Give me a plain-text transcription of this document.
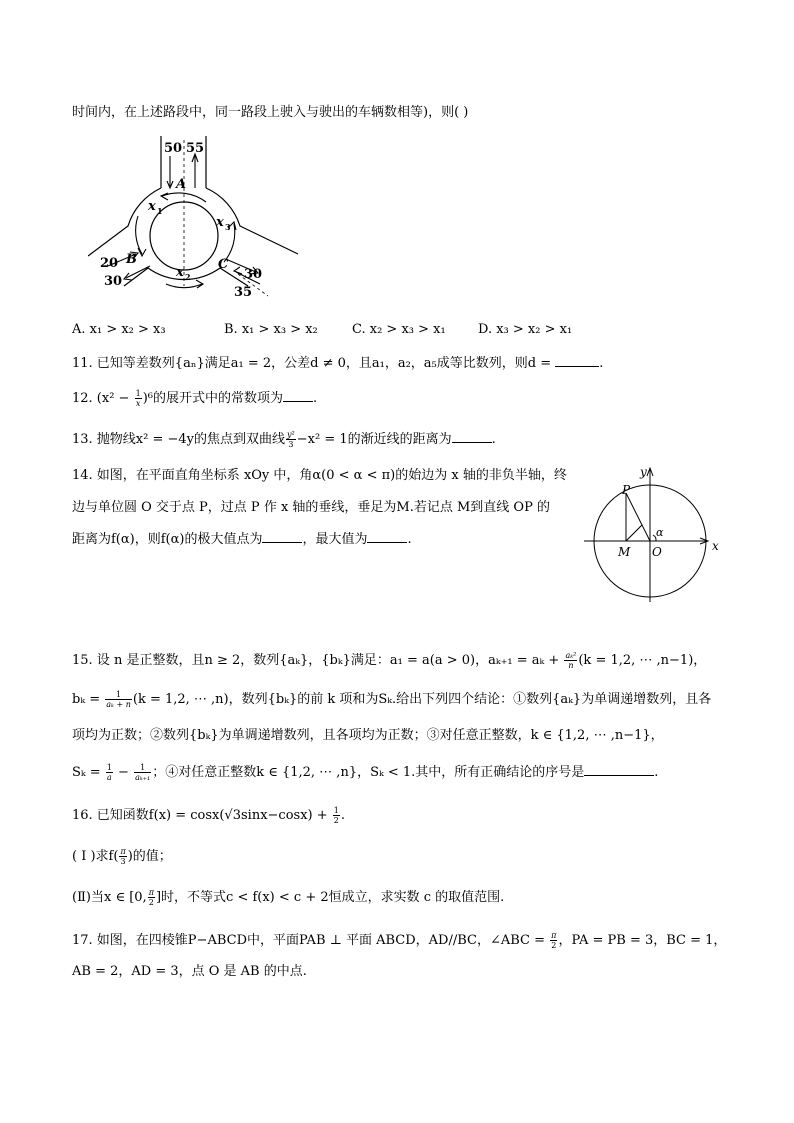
时间内，在上述路段中，同一路段上驶入与驶出的车辆数相等)，则( )
50 55
A
x 1
x 3
x 2
B	C
20
30	30
35
A. x₁ > x₂ > x₃	B. x₁ > x₃ > x₂	C. x₂ > x₃ > x₁ D. x₃ > x₂ > x₁
11. 已知等差数列{aₙ}满足a₁ = 2，公差d ≠ 0，且a₁，a₂，a₅成等比数列，则d =	.
12. $(x^2 - \frac{1}{x} )^6$的展开式中的常数项为 .
13. 抛物线x² = −4y的焦点到双曲线 $\frac{\text{y²}}{3} -x^2 = 1$的渐近线的距离为	.
14. 如图，在平面直角坐标系 xOy 中，角α(0 < α < π)的始边为 x 轴的非负半轴，终
边与单位圆 O 交于点 P，过点 P 作 x 轴的垂线，垂足为M.若记点 M到直线 OP 的
距离为f(α)，则f(α)的极大值点为	，最大值为	.
y
x
P
M O
α
15. 设 n 是正整数，且n ≥ 2，数列{aₖ}，{bₖ}满足：a₁ = a(a > 0)，$a_{k+1} = a_k + \frac{\text{aₖ²}}{n} (k = 1,2$, ⋯ ,n−1)，
$b_k = \frac{1}{\text{aₖ + n}} (k = 1,2$, ⋯ ,n)，数列{bₖ}的前 k 项和为Sₖ.给出下列四个结论：①数列{aₖ}为单调递增数列，且各
项均为正数；②数列{bₖ}为单调递增数列，且各项均为正数；③对任意正整数，k ∈ {1,2, ⋯ ,n−1}，
$S_k = \frac{1}{a} - \frac{1}{\text{aₖ₊₁}}$ ；④对任意正整数k ∈ {1,2, ⋯ ,n}，Sₖ < 1.其中，所有正确结论的序号是	.
16. 已知函数$f(x) = \cos x(√3\sin x-\cos x) + \frac{1}{2}$ .
( I )求$f( \frac{\pi}{3}$ )的值；
(Ⅱ)当x ∈ [0, $\frac{\pi}{2}$ ]时，不等式c < f(x) < c + 2恒成立，求实数 c 的取值范围.
17. 如图，在四棱锥P−ABCD中，平面PAB ⊥ 平面 ABCD，AD//BC，∠ABC = $\frac{\pi}{2}$ ，PA = PB = 3，BC = 1，
AB = 2，AD = 3，点 O 是 AB 的中点.
